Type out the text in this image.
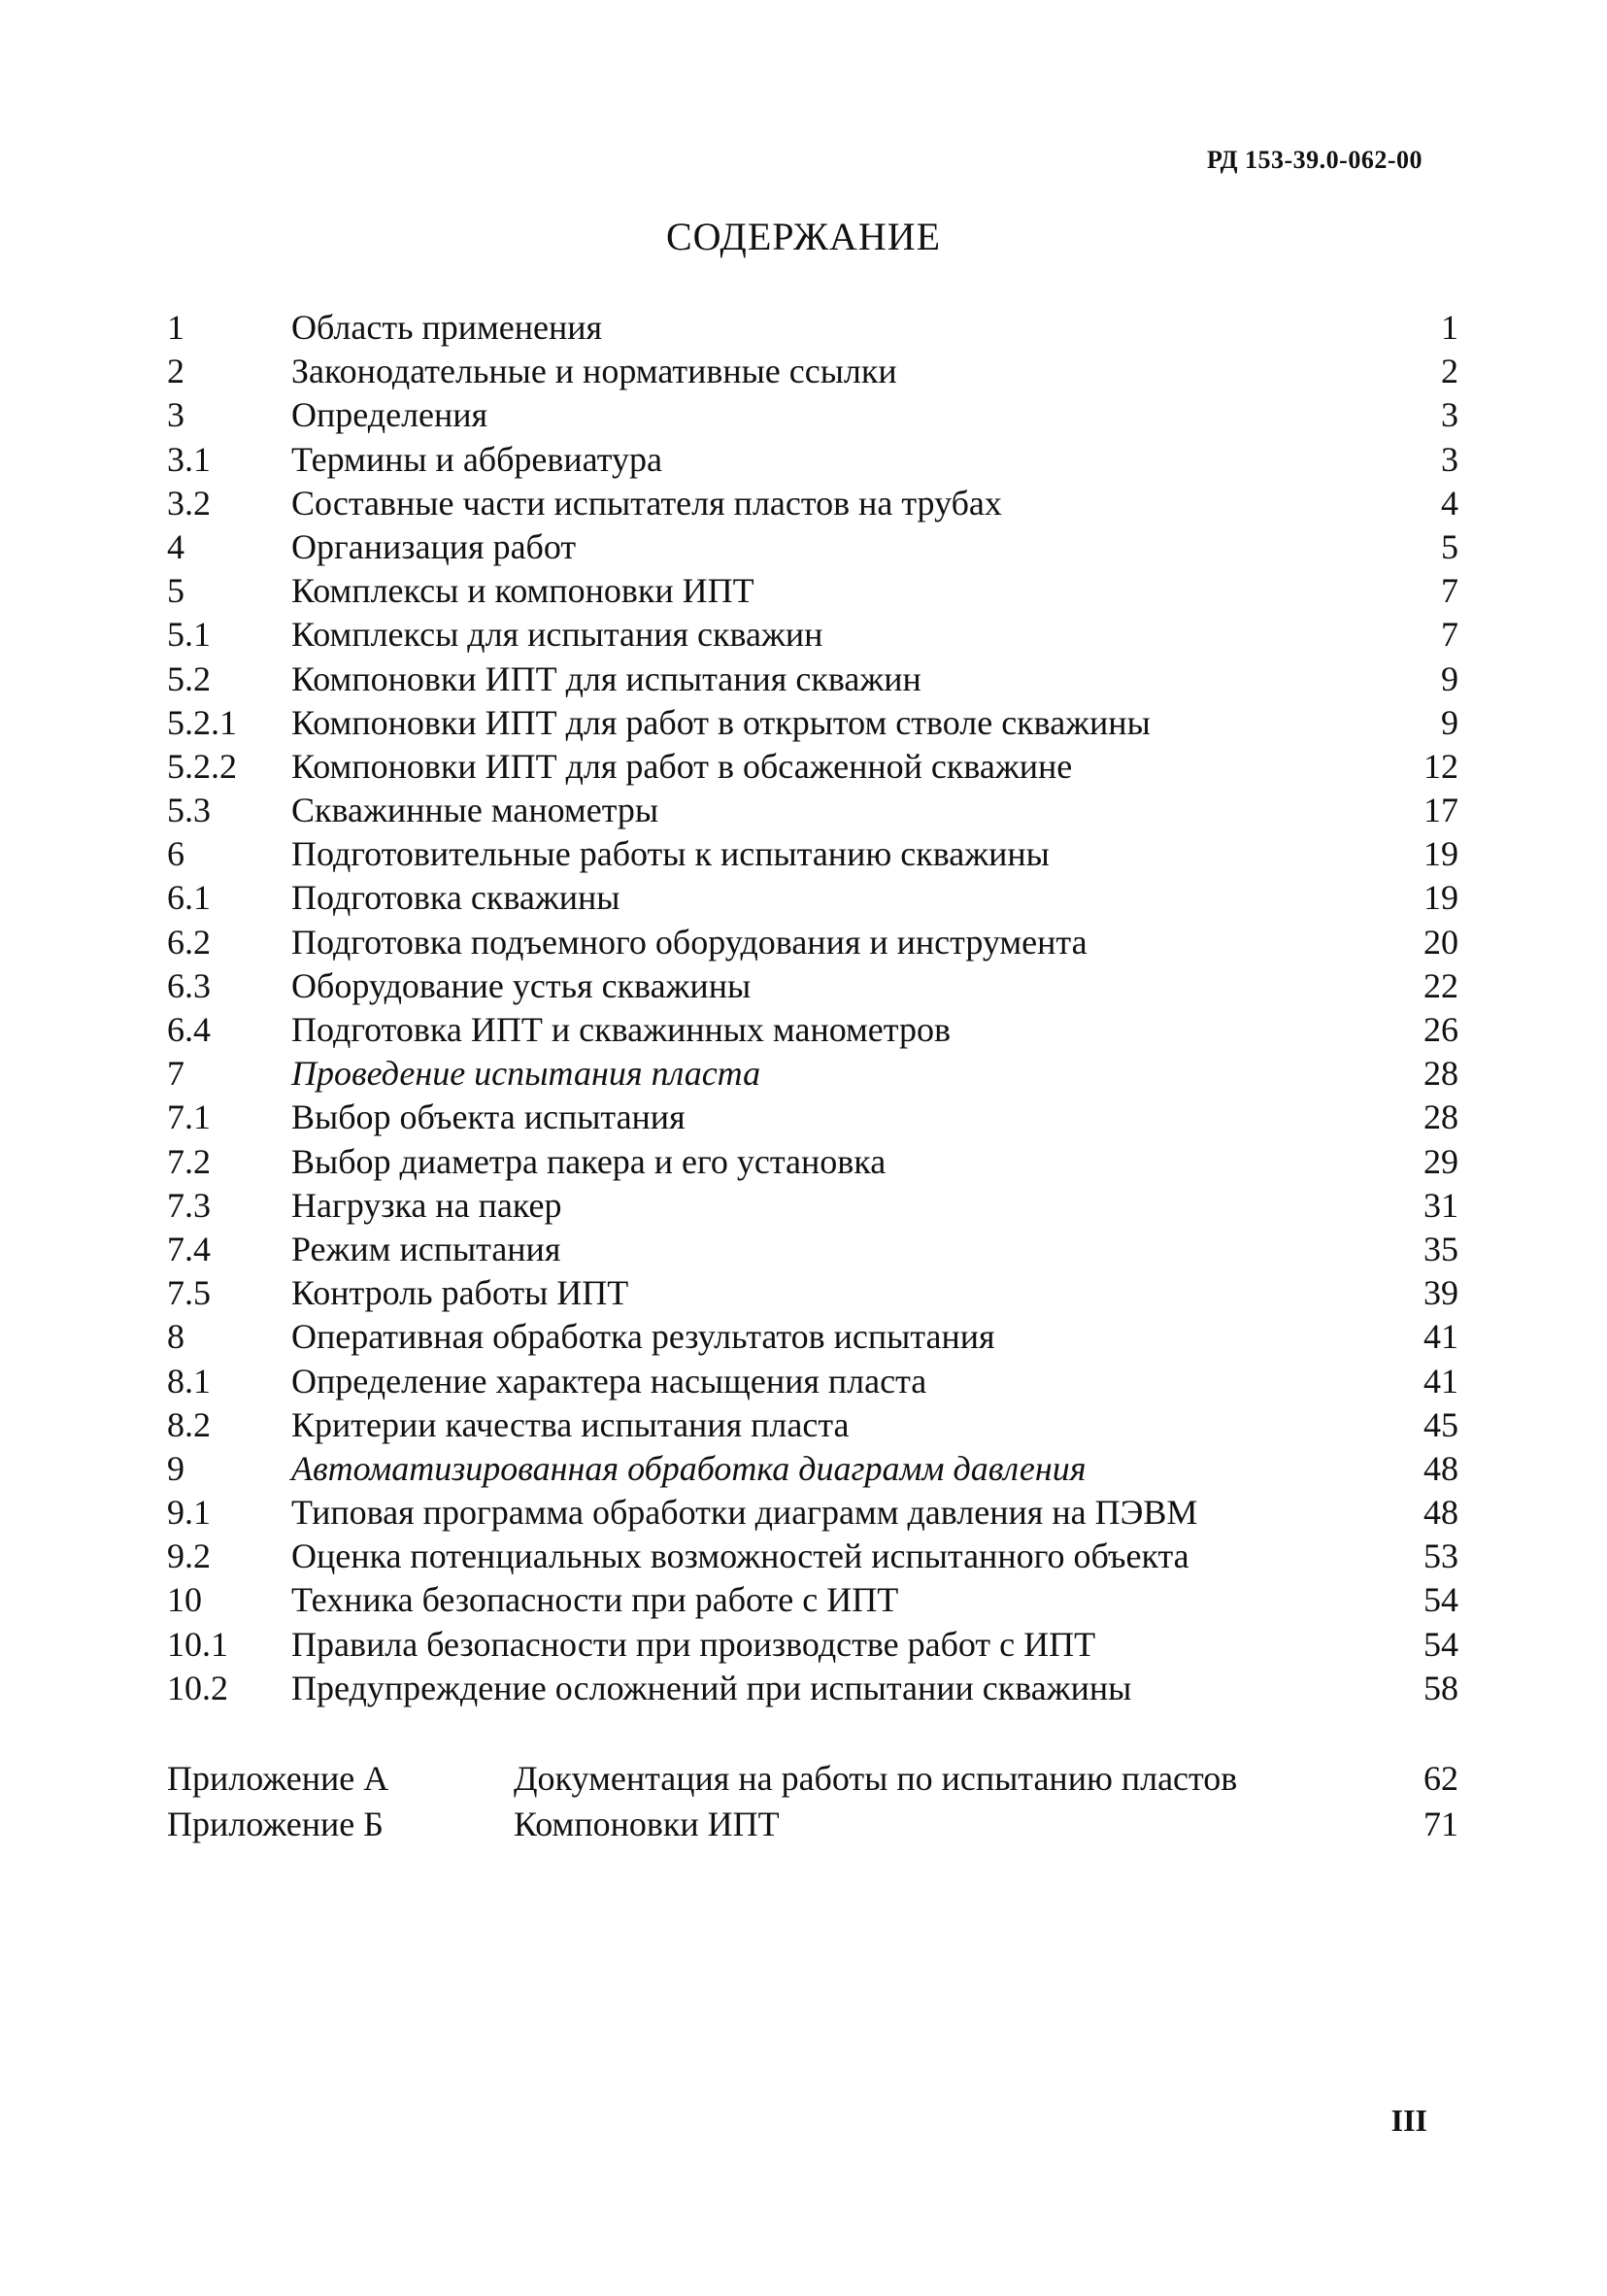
РД 153-39.0-062-00
СОДЕРЖАНИЕ
1	Область применения	1
2	Законодательные и нормативные ссылки	2
3	Определения	3
3.1 Термины и аббревиатура	3
3.2 Составные части испытателя пластов на трубах	4
4	Организация работ	5
5	Комплексы и компоновки ИПТ	7
5.1 Комплексы для испытания скважин	7
5.2 Компоновки ИПТ для испытания скважин	9
5.2.1 Компоновки ИПТ для работ в открытом стволе скважины	9
5.2.2 Компоновки ИПТ для работ в обсаженной скважине	12
5.3 Скважинные манометры	17
6	Подготовительные работы к испытанию скважины	19
6.1 Подготовка скважины	19
6.2 Подготовка подъемного оборудования и инструмента	20
6.3 Оборудование устья скважины	22
6.4 Подготовка ИПТ и скважинных манометров	26
7	Проведение испытания пласта	28
7.1 Выбор объекта испытания	28
7.2 Выбор диаметра пакера и его установка	29
7.3 Нагрузка на пакер	31
7.4 Режим испытания	35
7.5 Контроль работы ИПТ	39
8	Оперативная обработка результатов испытания	41
8.1 Определение характера насыщения пласта	41
8.2 Критерии качества испытания пласта	45
9	Автоматизированная обработка диаграмм давления	48
9.1 Типовая программа обработки диаграмм давления на ПЭВМ	48
9.2 Оценка потенциальных возможностей испытанного объекта	53
10	Техника безопасности при работе с ИПТ	54
10.1 Правила безопасности при производстве работ с ИПТ	54
10.2 Предупреждение осложнений при испытании скважины	58
Приложение А	Документация на работы по испытанию пластов	62
Приложение Б	Компоновки ИПТ	71
III
